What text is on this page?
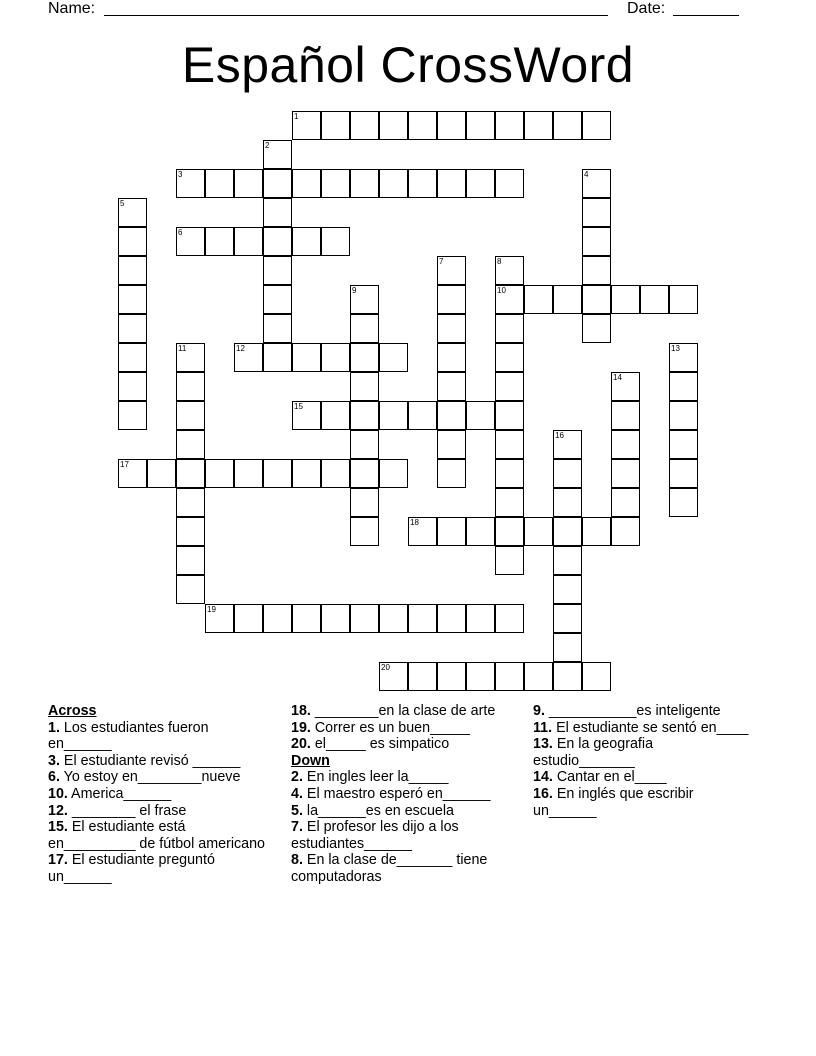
Name:	Date:
Español CrossWord
1
2
3	4
5
6
7	8
10
9
11	12	13
14
15
16
17
18
19
20
Across
1. Los estudiantes fueron en______
3. El estudiante revisó ______
6. Yo estoy en________nueve
10. America______
12. ________ el frase
15. El estudiante está en_________ de fútbol americano
17. El estudiante preguntó un______
18. ________en la clase de arte
19. Correr es un buen_____
20. el_____ es simpatico
Down
2. En ingles leer la_____
4. El maestro esperó en______
5. la______es en escuela
7. El profesor les dijo a los estudiantes______
8. En la clase de_______ tiene computadoras
9. ___________es inteligente
11. El estudiante se sentó en____
13. En la geografia estudio_______
14. Cantar en el____
16. En inglés que escribir un______
